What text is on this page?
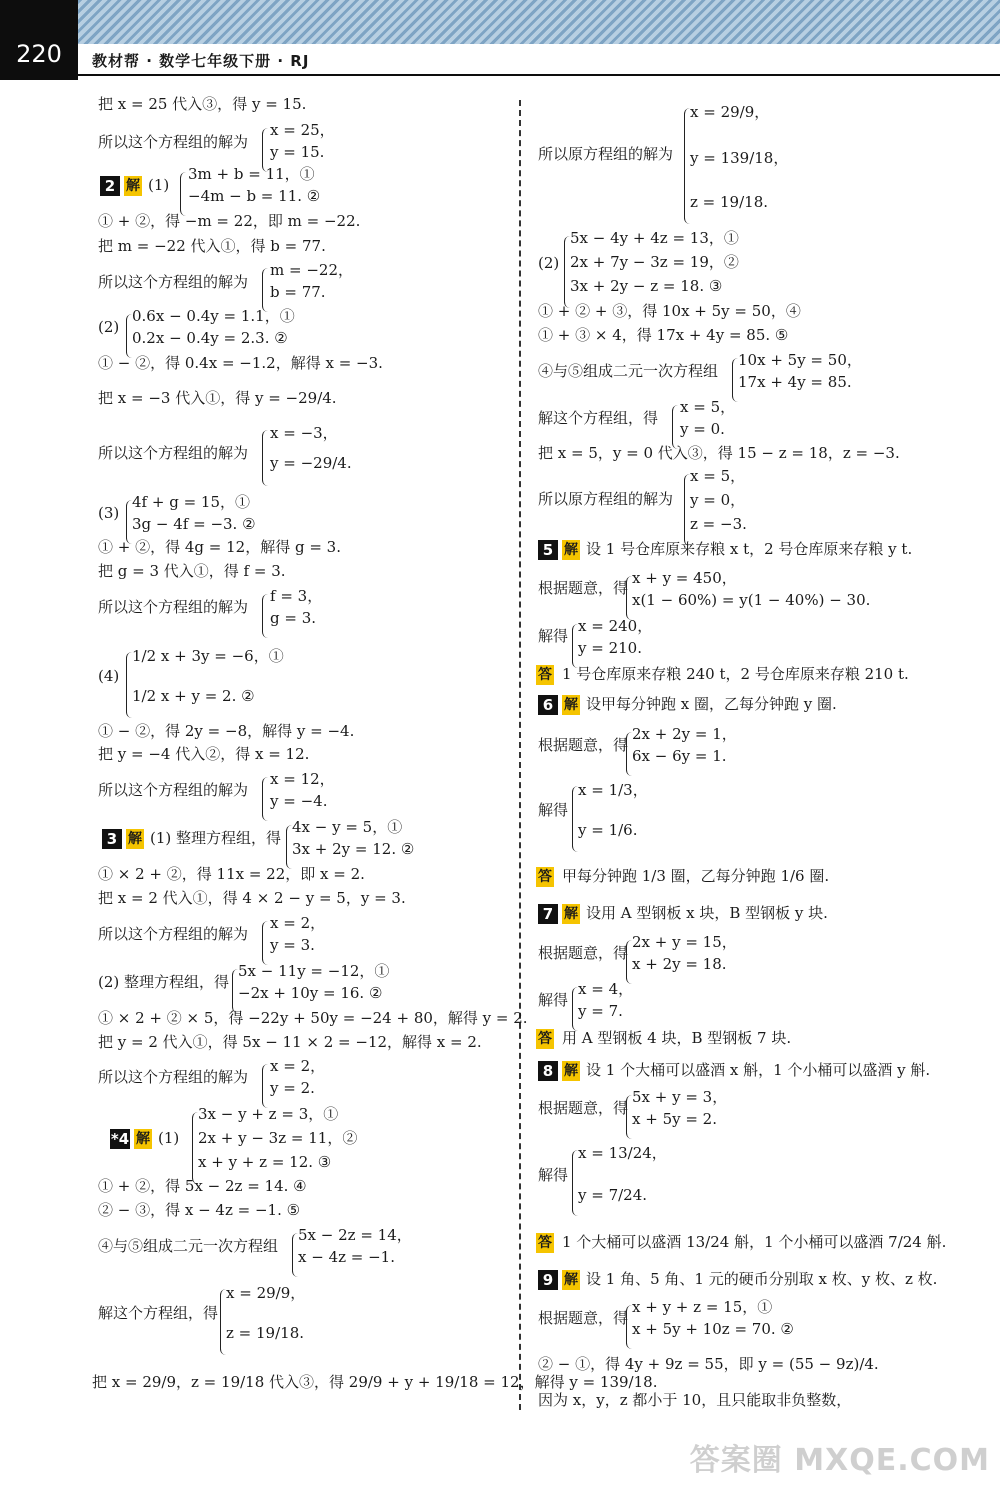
220	教材帮 · 数学七年级下册 · RJ
把 x = 25 代入③，得 y = 15.
所以这个方程组的解为
x = 25，
y = 15.
2 解 (1)
3m + b = 11，①
−4m − b = 11. ②
① + ②，得 −m = 22，即 m = −22.
把 m = −22 代入①，得 b = 77.
所以这个方程组的解为
m = −22，
b = 77.
(2)
0.6x − 0.4y = 1.1，①
0.2x − 0.4y = 2.3. ②
① − ②，得 0.4x = −1.2，解得 x = −3.
把 x = −3 代入①，得 y = −29/4.
所以这个方程组的解为
x = −3，
y = −29/4.
(3)
4f + g = 15，①
3g − 4f = −3. ②
① + ②，得 4g = 12，解得 g = 3.
把 g = 3 代入①，得 f = 3.
所以这个方程组的解为
f = 3，
g = 3.
(4)
1/2 x + 3y = −6，①
1/2 x + y = 2. ②
① − ②，得 2y = −8，解得 y = −4.
把 y = −4 代入②，得 x = 12.
所以这个方程组的解为
x = 12，
y = −4.
3 解 (1) 整理方程组，得
4x − y = 5，①
3x + 2y = 12. ②
① × 2 + ②，得 11x = 22，即 x = 2.
把 x = 2 代入①，得 4 × 2 − y = 5，y = 3.
所以这个方程组的解为
x = 2，
y = 3.
(2) 整理方程组，得
5x − 11y = −12，①
−2x + 10y = 16. ②
① × 2 + ② × 5，得 −22y + 50y = −24 + 80，解得 y = 2.
把 y = 2 代入①，得 5x − 11 × 2 = −12，解得 x = 2.
所以这个方程组的解为
x = 2，
y = 2.
*4 解 (1)
3x − y + z = 3，①
2x + y − 3z = 11，②
x + y + z = 12. ③
① + ②，得 5x − 2z = 14. ④
② − ③，得 x − 4z = −1. ⑤
④与⑤组成二元一次方程组
5x − 2z = 14，
x − 4z = −1.
解这个方程组，得
x = 29/9，
z = 19/18.
把 x = 29/9，z = 19/18 代入③，得 29/9 + y + 19/18 = 12，解得 y = 139/18.
所以原方程组的解为
x = 29/9，
y = 139/18，
z = 19/18.
(2)
5x − 4y + 4z = 13，①
2x + 7y − 3z = 19，②
3x + 2y − z = 18. ③
① + ② + ③，得 10x + 5y = 50，④
① + ③ × 4，得 17x + 4y = 85. ⑤
④与⑤组成二元一次方程组
10x + 5y = 50，
17x + 4y = 85.
解这个方程组，得
x = 5，
y = 0.
把 x = 5，y = 0 代入③，得 15 − z = 18，z = −3.
所以原方程组的解为
x = 5，
y = 0，
z = −3.
5 解 设 1 号仓库原来存粮 x t，2 号仓库原来存粮 y t.
根据题意，得
x + y = 450，
x(1 − 60%) = y(1 − 40%) − 30.
解得
x = 240，
y = 210.
答 1 号仓库原来存粮 240 t，2 号仓库原来存粮 210 t.
6 解 设甲每分钟跑 x 圈，乙每分钟跑 y 圈.
根据题意，得
2x + 2y = 1，
6x − 6y = 1.
解得
x = 1/3，
y = 1/6.
答 甲每分钟跑 1/3 圈，乙每分钟跑 1/6 圈.
7 解 设用 A 型钢板 x 块，B 型钢板 y 块.
根据题意，得
2x + y = 15，
x + 2y = 18.
解得
x = 4，
y = 7.
答 用 A 型钢板 4 块，B 型钢板 7 块.
8 解 设 1 个大桶可以盛酒 x 斛，1 个小桶可以盛酒 y 斛.
根据题意，得
5x + y = 3，
x + 5y = 2.
解得
x = 13/24，
y = 7/24.
答 1 个大桶可以盛酒 13/24 斛，1 个小桶可以盛酒 7/24 斛.
9 解 设 1 角、5 角、1 元的硬币分别取 x 枚、y 枚、z 枚.
根据题意，得
x + y + z = 15，①
x + 5y + 10z = 70. ②
② − ①，得 4y + 9z = 55，即 y = (55 − 9z)/4.
因为 x，y，z 都小于 10，且只能取非负整数，
答案圈 MXQE.COM
